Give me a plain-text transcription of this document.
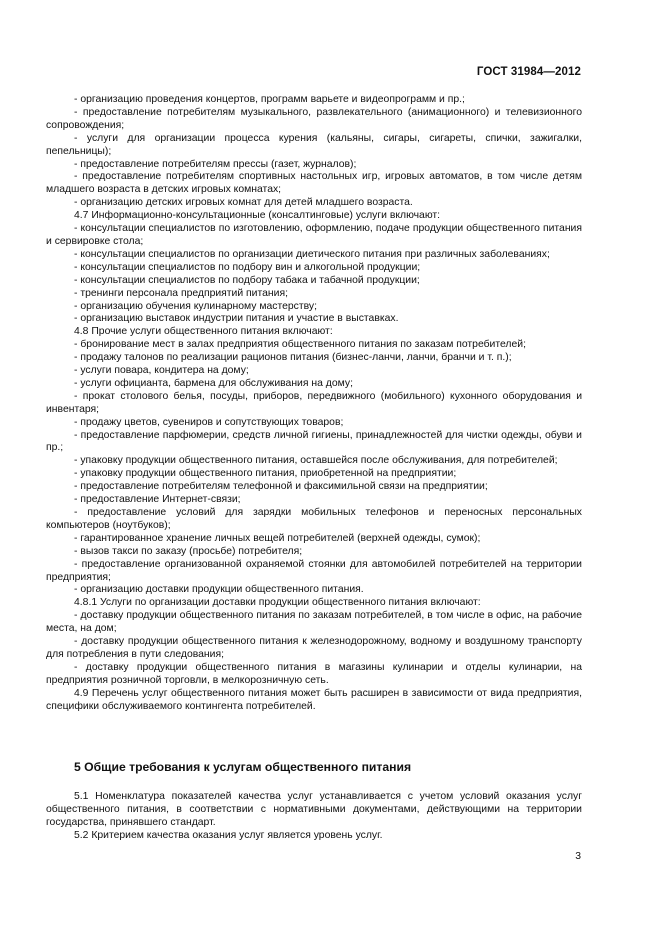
ГОСТ 31984—2012

- организацию проведения концертов, программ варьете и видеопрограмм и пр.;

- предоставление потребителям музыкального, развлекательного (анимационного) и телевизионного сопровождения;

- услуги для организации процесса курения (кальяны, сигары, сигареты, спички, зажигалки, пепельницы);

- предоставление потребителям прессы (газет, журналов);

- предоставление потребителям спортивных настольных игр, игровых автоматов, в том числе детям младшего возраста в детских игровых комнатах;

- организацию детских игровых комнат для детей младшего возраста.

4.7 Информационно-консультационные (консалтинговые) услуги включают:

- консультации специалистов по изготовлению, оформлению, подаче продукции общественного питания и сервировке стола;

- консультации специалистов по организации диетического питания при различных заболеваниях;

- консультации специалистов по подбору вин и алкогольной продукции;

- консультации специалистов по подбору табака и табачной продукции;

- тренинги персонала предприятий питания;

- организацию обучения кулинарному мастерству;

- организацию выставок индустрии питания и участие в выставках.

4.8 Прочие услуги общественного питания включают:

- бронирование мест в залах предприятия общественного питания по заказам потребителей;

- продажу талонов по реализации рационов питания (бизнес-ланчи, ланчи, бранчи и т. п.);

- услуги повара, кондитера на дому;

- услуги официанта, бармена для обслуживания на дому;

- прокат столового белья, посуды, приборов, передвижного (мобильного) кухонного оборудования и инвентаря;

- продажу цветов, сувениров и сопутствующих товаров;

- предоставление парфюмерии, средств личной гигиены, принадлежностей для чистки одежды, обуви и пр.;

- упаковку продукции общественного питания, оставшейся после обслуживания, для потребителей;

- упаковку продукции общественного питания, приобретенной на предприятии;

- предоставление потребителям телефонной и факсимильной связи на предприятии;

- предоставление Интернет-связи;

- предоставление условий для зарядки мобильных телефонов и переносных персональных компьютеров (ноутбуков);

- гарантированное хранение личных вещей потребителей (верхней одежды, сумок);

- вызов такси по заказу (просьбе) потребителя;

- предоставление организованной охраняемой стоянки для автомобилей потребителей на территории предприятия;

- организацию доставки продукции общественного питания.

4.8.1 Услуги по организации доставки продукции общественного питания включают:

- доставку продукции общественного питания по заказам потребителей, в том числе в офис, на рабочие места, на дом;

- доставку продукции общественного питания к железнодорожному, водному и воздушному транспорту для потребления в пути следования;

- доставку продукции общественного питания в магазины кулинарии и отделы кулинарии, на предприятия розничной торговли, в мелкорозничную сеть.

4.9 Перечень услуг общественного питания может быть расширен в зависимости от вида предприятия, специфики обслуживаемого контингента потребителей.

5 Общие требования к услугам общественного питания

5.1 Номенклатура показателей качества услуг устанавливается с учетом условий оказания услуг общественного питания, в соответствии с нормативными документами, действующими на территории государства, принявшего стандарт.

5.2 Критерием качества оказания услуг является уровень услуг.

3
